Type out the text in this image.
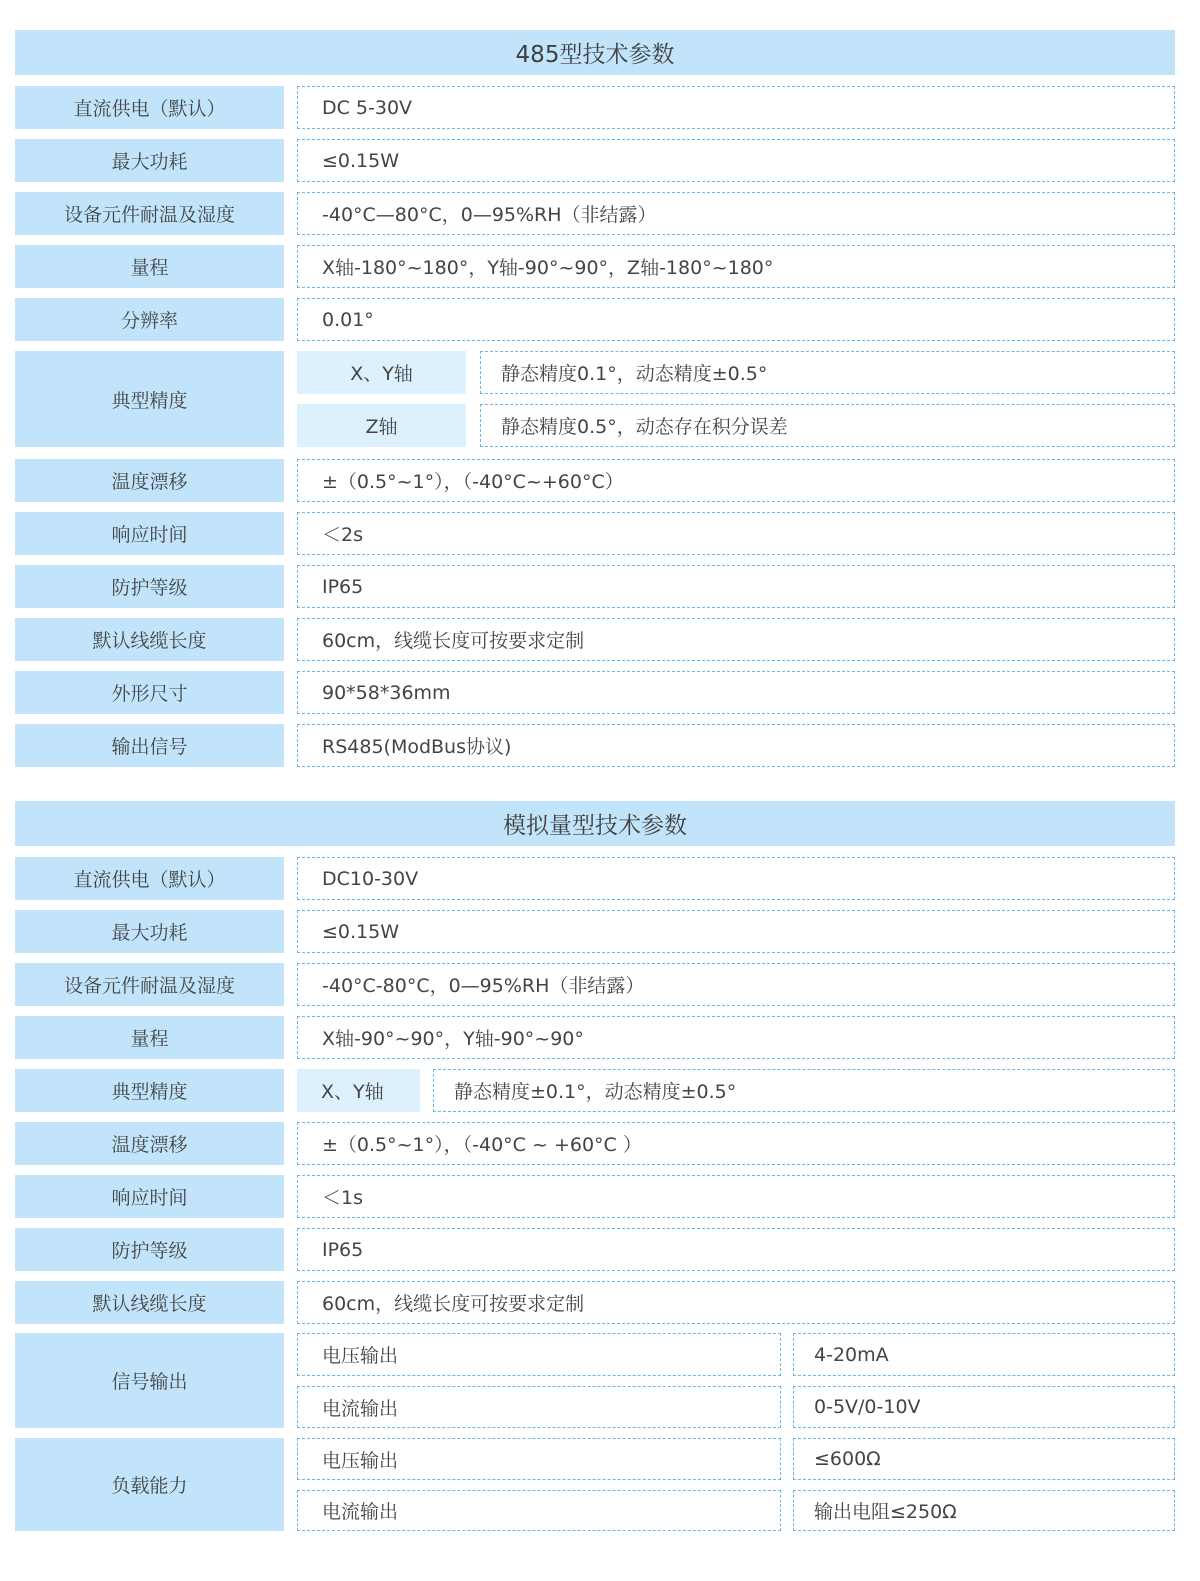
485型技术参数
直流供电（默认）	DC 5-30V
最大功耗	≤0.15W
设备元件耐温及湿度	-40°C—80°C，0—95%RH（非结露）
量程	X轴-180°~180°，Y轴-90°~90°，Z轴-180°~180°
分辨率	0.01°
典型精度
X、Y轴	静态精度0.1°，动态精度±0.5°
Z轴	静态精度0.5°，动态存在积分误差
温度漂移	±（0.5°~1°），（-40°C~+60°C）
响应时间	＜2s
防护等级	IP65
默认线缆长度	60cm，线缆长度可按要求定制
外形尺寸	90*58*36mm
输出信号	RS485(ModBus协议)
模拟量型技术参数
直流供电（默认）	DC10-30V
最大功耗	≤0.15W
设备元件耐温及湿度	-40°C-80°C，0—95%RH（非结露）
量程	X轴-90°~90°，Y轴-90°~90°
典型精度	X、Y轴	静态精度±0.1°，动态精度±0.5°
温度漂移	±（0.5°~1°），（-40°C ~ +60°C ）
响应时间	＜1s
防护等级	IP65
默认线缆长度	60cm，线缆长度可按要求定制
信号输出
电压输出	4-20mA
电流输出	0-5V/0-10V
负载能力
电压输出	≤600Ω
电流输出	输出电阻≤250Ω
